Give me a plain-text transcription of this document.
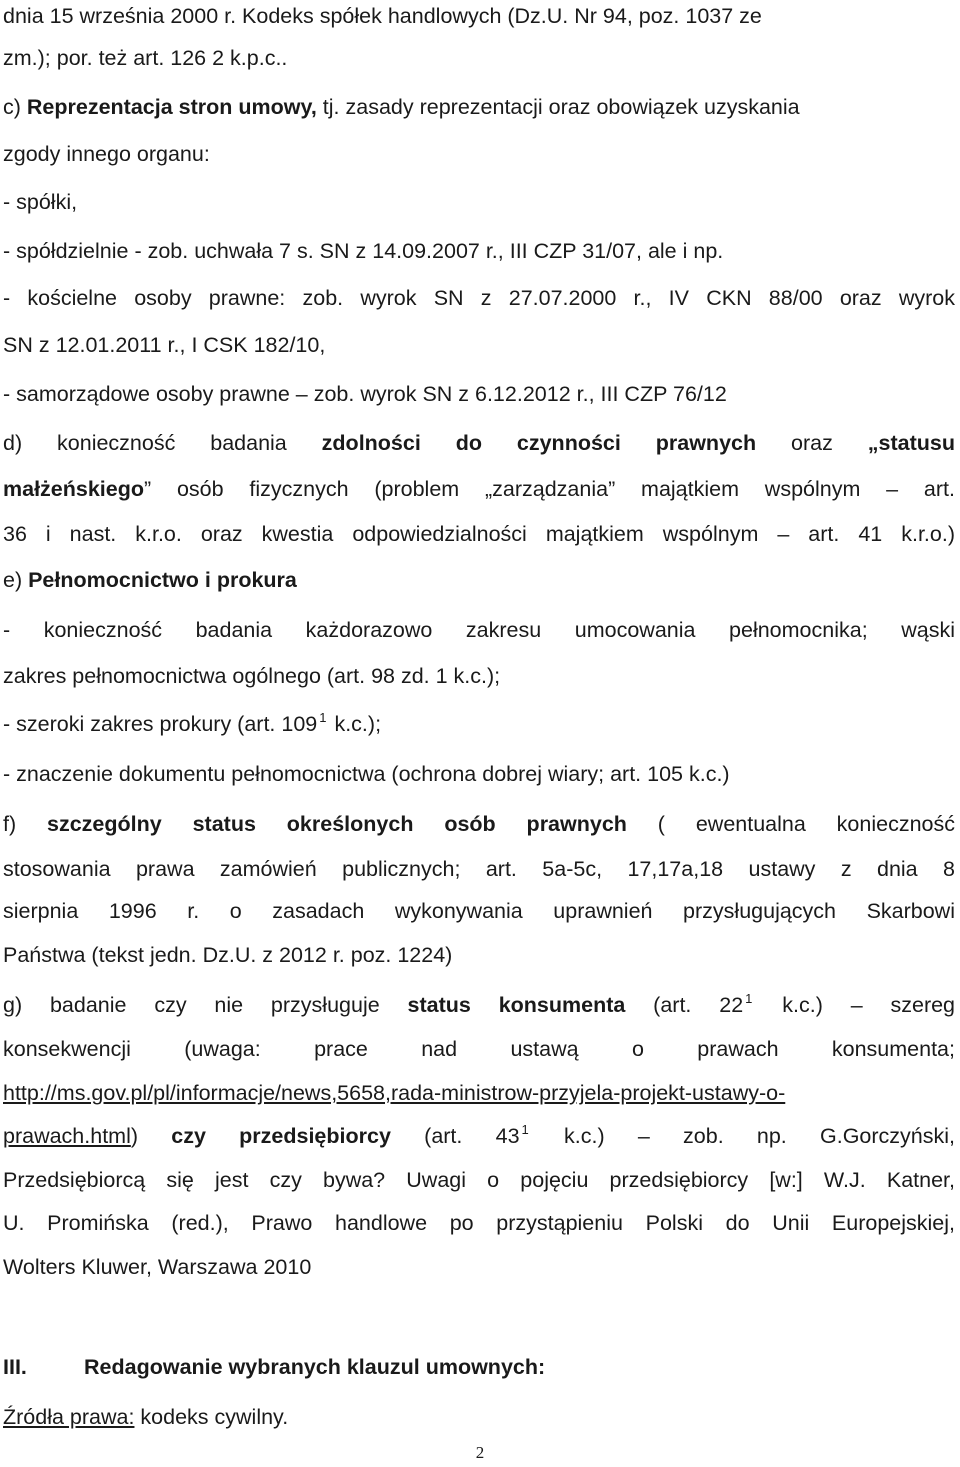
dnia 15 września 2000 r. Kodeks spółek handlowych (Dz.U. Nr 94, poz. 1037 ze
zm.); por. też art. 126 2 k.p.c..
c) Reprezentacja stron umowy, tj. zasady reprezentacji oraz obowiązek uzyskania
zgody innego organu:
- spółki,
- spółdzielnie - zob. uchwała 7 s. SN z 14.09.2007 r., III CZP 31/07, ale i np.
- kościelne osoby prawne: zob. wyrok SN z 27.07.2000 r., IV CKN 88/00 oraz wyrok
SN z 12.01.2011 r., I CSK 182/10,
- samorządowe osoby prawne – zob. wyrok SN z 6.12.2012 r., III CZP 76/12
d) konieczność badania zdolności do czynności prawnych oraz „statusu
małżeńskiego” osób fizycznych (problem „zarządzania” majątkiem wspólnym – art.
36 i nast. k.r.o. oraz kwestia odpowiedzialności majątkiem wspólnym – art. 41 k.r.o.)
e) Pełnomocnictwo i prokura
- konieczność badania każdorazowo zakresu umocowania pełnomocnika; wąski
zakres pełnomocnictwa ogólnego (art. 98 zd. 1 k.c.);
- szeroki zakres prokury (art. 109 $^1$ k.c.);
- znaczenie dokumentu pełnomocnictwa (ochrona dobrej wiary; art. 105 k.c.)
f) szczególny status określonych osób prawnych ( ewentualna konieczność
stosowania prawa zamówień publicznych; art. 5a-5c, 17,17a,18 ustawy z dnia 8
sierpnia 1996 r. o zasadach wykonywania uprawnień przysługujących Skarbowi
Państwa (tekst jedn. Dz.U. z 2012 r. poz. 1224)
g) badanie czy nie przysługuje status konsumenta (art. 22 $^1$ k.c.) – szereg
konsekwencji (uwaga: prace nad ustawą o prawach konsumenta;
http://ms.gov.pl/pl/informacje/news,5658,rada-ministrow-przyjela-projekt-ustawy-o-
prawach.html) czy przedsiębiorcy (art. 43 $^1$ k.c.) – zob. np. G.Gorczyński,
Przedsiębiorcą się jest czy bywa? Uwagi o pojęciu przedsiębiorcy [w:] W.J. Katner,
U. Promińska (red.), Prawo handlowe po przystąpieniu Polski do Unii Europejskiej,
Wolters Kluwer, Warszawa 2010
III.	Redagowanie wybranych klauzul umownych:
Źródła prawa: kodeks cywilny.
2
